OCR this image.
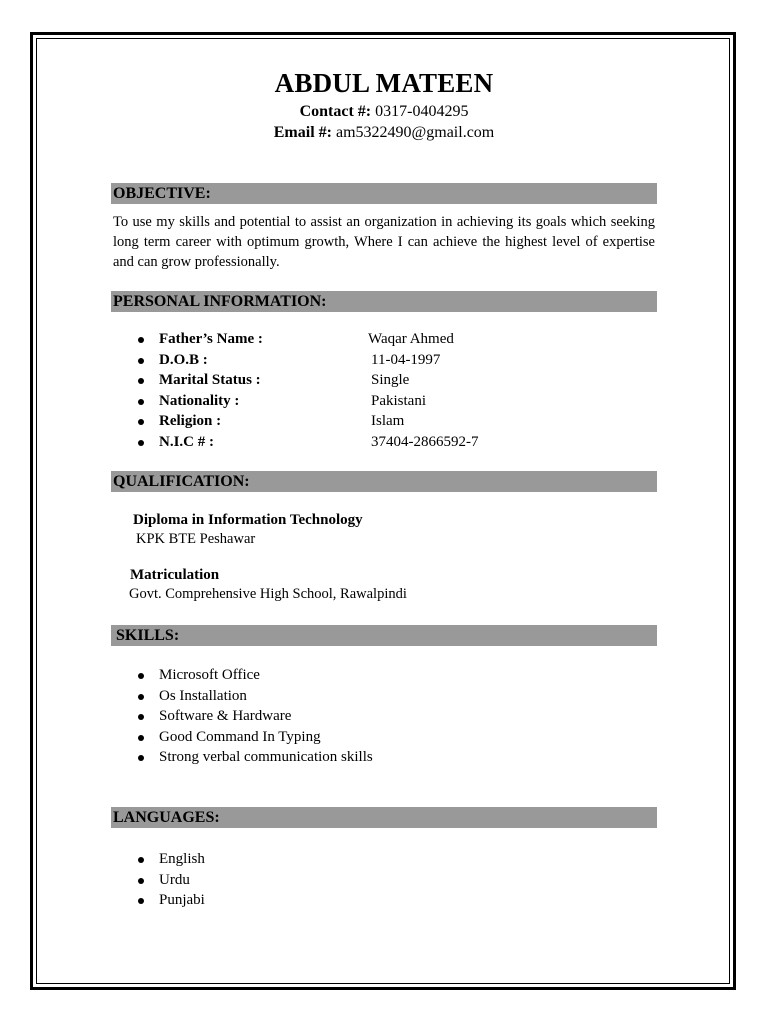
ABDUL MATEEN
Contact #: 0317-0404295
Email #: am5322490@gmail.com
OBJECTIVE:
To use my skills and potential to assist an organization in achieving its goals which seeking long term career with optimum growth, Where I can achieve the highest level of expertise and can grow professionally.
PERSONAL INFORMATION:
Father’s Name :	Waqar Ahmed
D.O.B :	11-04-1997
Marital Status :	Single
Nationality :	Pakistani
Religion :	Islam
N.I.C # :	37404-2866592-7
QUALIFICATION:
Diploma in Information Technology
KPK BTE Peshawar
Matriculation
Govt. Comprehensive High School, Rawalpindi
SKILLS:
Microsoft Office
Os Installation
Software & Hardware
Good Command In Typing
Strong verbal communication skills
LANGUAGES:
English
Urdu
Punjabi
